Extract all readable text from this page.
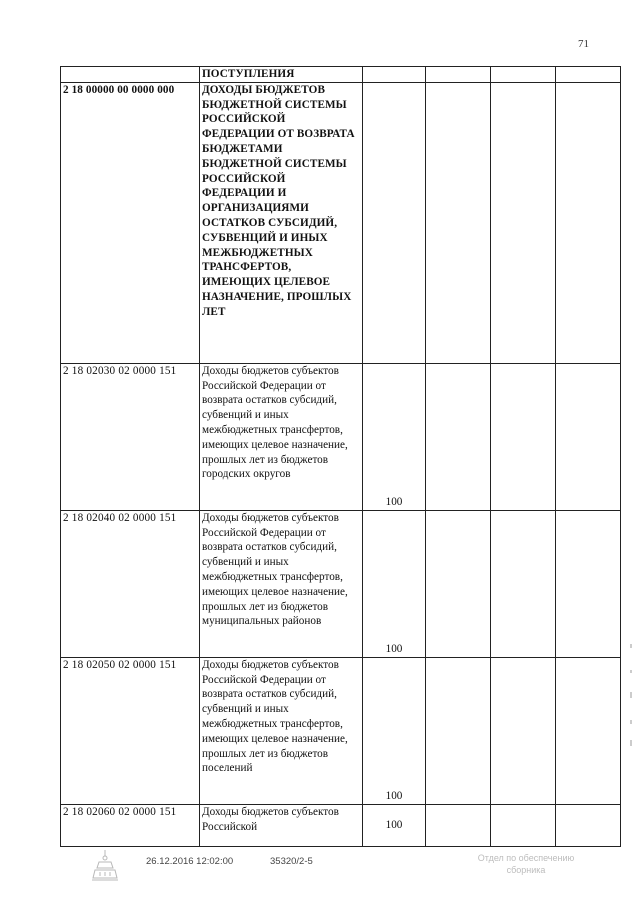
71
	ПОСТУПЛЕНИЯ				
2 18 00000 00 0000 000	ДОХОДЫ БЮДЖЕТОВ БЮДЖЕТНОЙ СИСТЕМЫ РОССИЙСКОЙ ФЕДЕРАЦИИ ОТ ВОЗВРАТА БЮДЖЕТАМИ БЮДЖЕТНОЙ СИСТЕМЫ РОССИЙСКОЙ ФЕДЕРАЦИИ И ОРГАНИЗАЦИЯМИ ОСТАТКОВ СУБСИДИЙ, СУБВЕНЦИЙ И ИНЫХ МЕЖБЮДЖЕТНЫХ ТРАНСФЕРТОВ, ИМЕЮЩИХ ЦЕЛЕВОЕ НАЗНАЧЕНИЕ, ПРОШЛЫХ ЛЕТ				
2 18 02030 02 0000 151	Доходы бюджетов субъектов Российской Федерации от возврата остатков субсидий, субвенций и иных межбюджетных трансфертов, имеющих целевое назначение, прошлых лет из бюджетов городских округов	100			
2 18 02040 02 0000 151	Доходы бюджетов субъектов Российской Федерации от возврата остатков субсидий, субвенций и иных межбюджетных трансфертов, имеющих целевое назначение, прошлых лет из бюджетов муниципальных районов	100			
2 18 02050 02 0000 151	Доходы бюджетов субъектов Российской Федерации от возврата остатков субсидий, субвенций и иных межбюджетных трансфертов, имеющих целевое назначение, прошлых лет из бюджетов поселений	100			
2 18 02060 02 0000 151	Доходы бюджетов субъектов Российской	100			
26.12.2016 12:02:00	35320/2-5	Отдел по обеспечению
сборника
